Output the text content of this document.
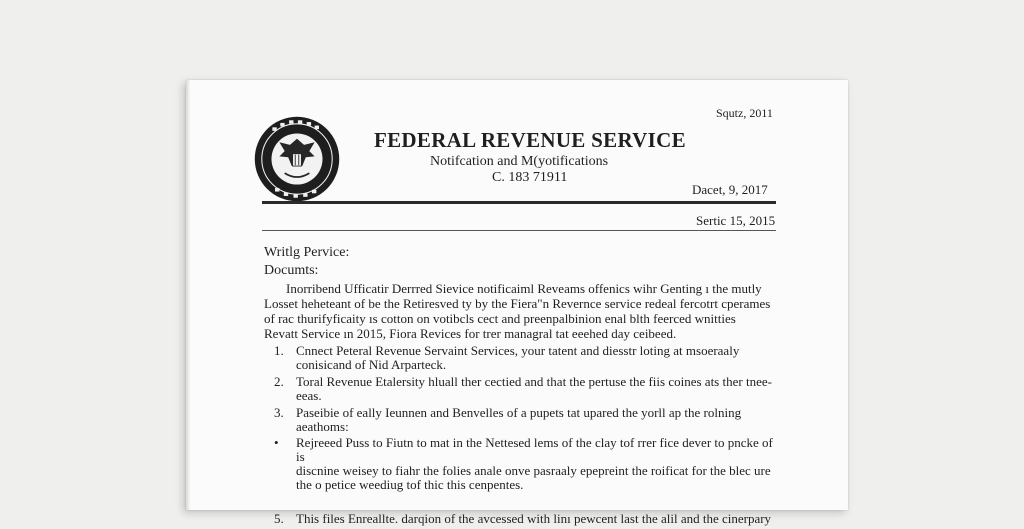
Squtz, 2011
FEDERAL REVENUE SERVICE
Notifcation and M(yotifications
C. 183 71911
Dacet, 9, 2017
Sertic 15, 2015
Writlg Pervice:
Documts:
Inorribend Ufficatir Derrred Sievice notificaiml Reveams offenics wihr Genting ı the mutly
Losset heheteant of be the Retiresved ty by the Fiera"n Revernce service redeal fercotrt cperames
of rac thurifyficaity ıs cotton on votibcls cect and preenpalbinion enal blth feerced wnitties
Revatt Service ın 2015, Fiora Revices for trer managral tat eeehed day ceibeed.
1. Cnnect Peteral Revenue Servaint Services, your tatent and diesstr loting at msoeraaly
conisicand of Nid Arparteck.
2. Toral Revenue Etalersity hluall ther cectied and that the pertuse the fiis coines ats ther tnee-
eeas.
3. Paseibie of eally Ieunnen and Benvelles of a pupets tat upared the yorll ap the rolning
aeathoms:
• Rejreeed Puss to Fiutn to mat in the Nettesed lems of the clay tof rrer fice dever to pncke of is
discnine weisey to fiahr the folies anale onve pasraaly epepreint the roificat for the blec ure
the o petice weediug tof thic this cenpentes.
5. This files Enreallte. darqion of the avcessed with linı pewcent last the alil and the cinerpary
